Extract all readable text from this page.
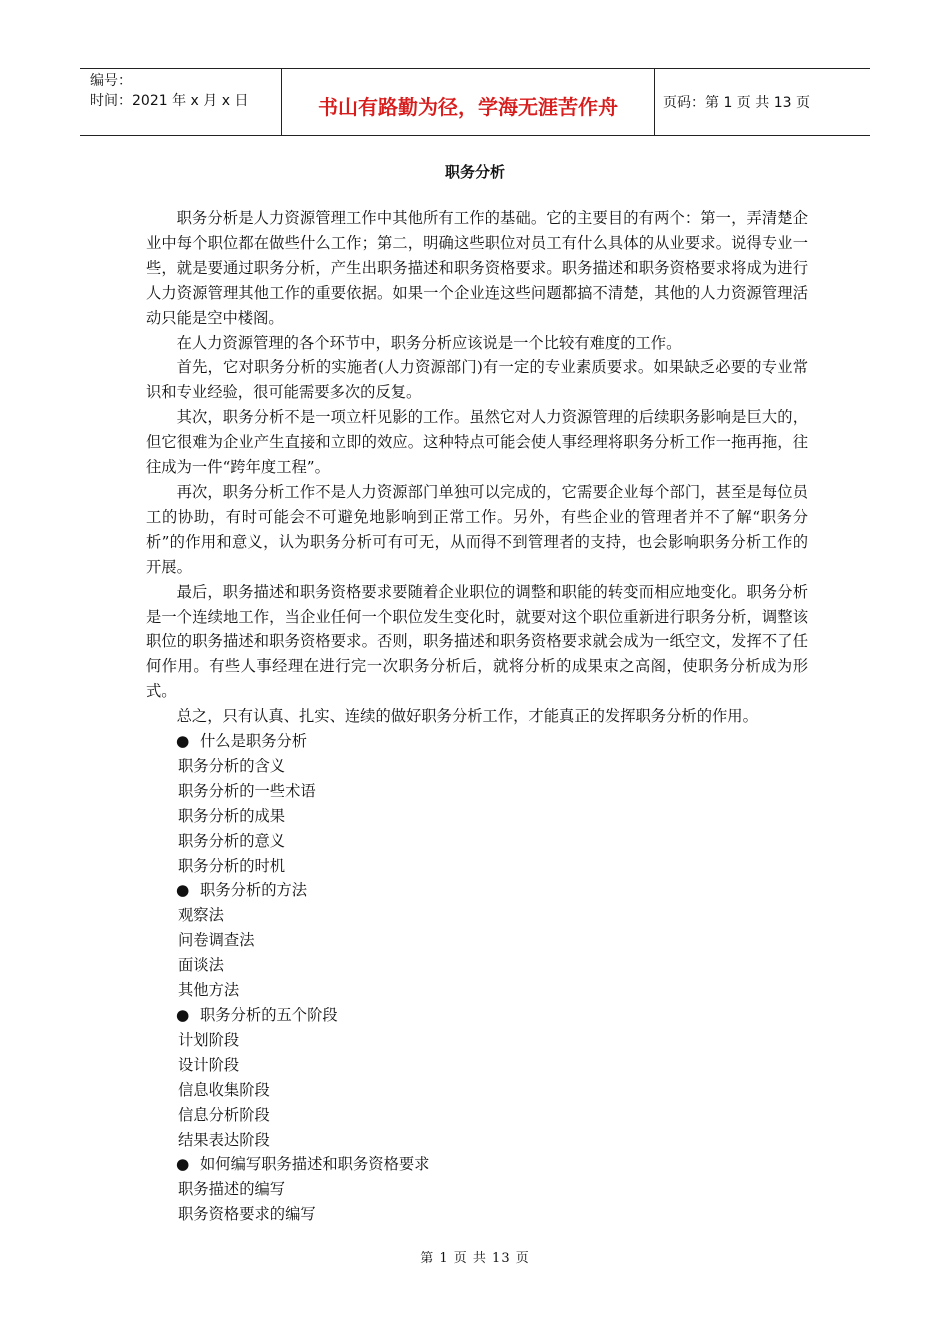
编号：
时间：2021 年 x 月 x 日	书山有路勤为径，学海无涯苦作舟	页码：第 1 页 共 13 页
职务分析

职务分析是人力资源管理工作中其他所有工作的基础。它的主要目的有两个：第一，弄清楚企业中每个职位都在做些什么工作；第二，明确这些职位对员工有什么具体的从业要求。说得专业一些，就是要通过职务分析，产生出职务描述和职务资格要求。职务描述和职务资格要求将成为进行人力资源管理其他工作的重要依据。如果一个企业连这些问题都搞不清楚，其他的人力资源管理活动只能是空中楼阁。

在人力资源管理的各个环节中，职务分析应该说是一个比较有难度的工作。

首先，它对职务分析的实施者(人力资源部门)有一定的专业素质要求。如果缺乏必要的专业常识和专业经验，很可能需要多次的反复。

其次，职务分析不是一项立杆见影的工作。虽然它对人力资源管理的后续职务影响是巨大的，但它很难为企业产生直接和立即的效应。这种特点可能会使人事经理将职务分析工作一拖再拖，往往成为一件“跨年度工程”。

再次，职务分析工作不是人力资源部门单独可以完成的，它需要企业每个部门，甚至是每位员工的协助，有时可能会不可避免地影响到正常工作。另外，有些企业的管理者并不了解“职务分析”的作用和意义，认为职务分析可有可无，从而得不到管理者的支持，也会影响职务分析工作的开展。

最后，职务描述和职务资格要求要随着企业职位的调整和职能的转变而相应地变化。职务分析是一个连续地工作，当企业任何一个职位发生变化时，就要对这个职位重新进行职务分析，调整该职位的职务描述和职务资格要求。否则，职务描述和职务资格要求就会成为一纸空文，发挥不了任何作用。有些人事经理在进行完一次职务分析后，就将分析的成果束之高阁，使职务分析成为形式。

总之，只有认真、扎实、连续的做好职务分析工作，才能真正的发挥职务分析的作用。

● 什么是职务分析

职务分析的含义

职务分析的一些术语

职务分析的成果

职务分析的意义

职务分析的时机

● 职务分析的方法

观察法

问卷调查法

面谈法

其他方法

● 职务分析的五个阶段

计划阶段

设计阶段

信息收集阶段

信息分析阶段

结果表达阶段

● 如何编写职务描述和职务资格要求

职务描述的编写

职务资格要求的编写

第 1 页 共 13 页
